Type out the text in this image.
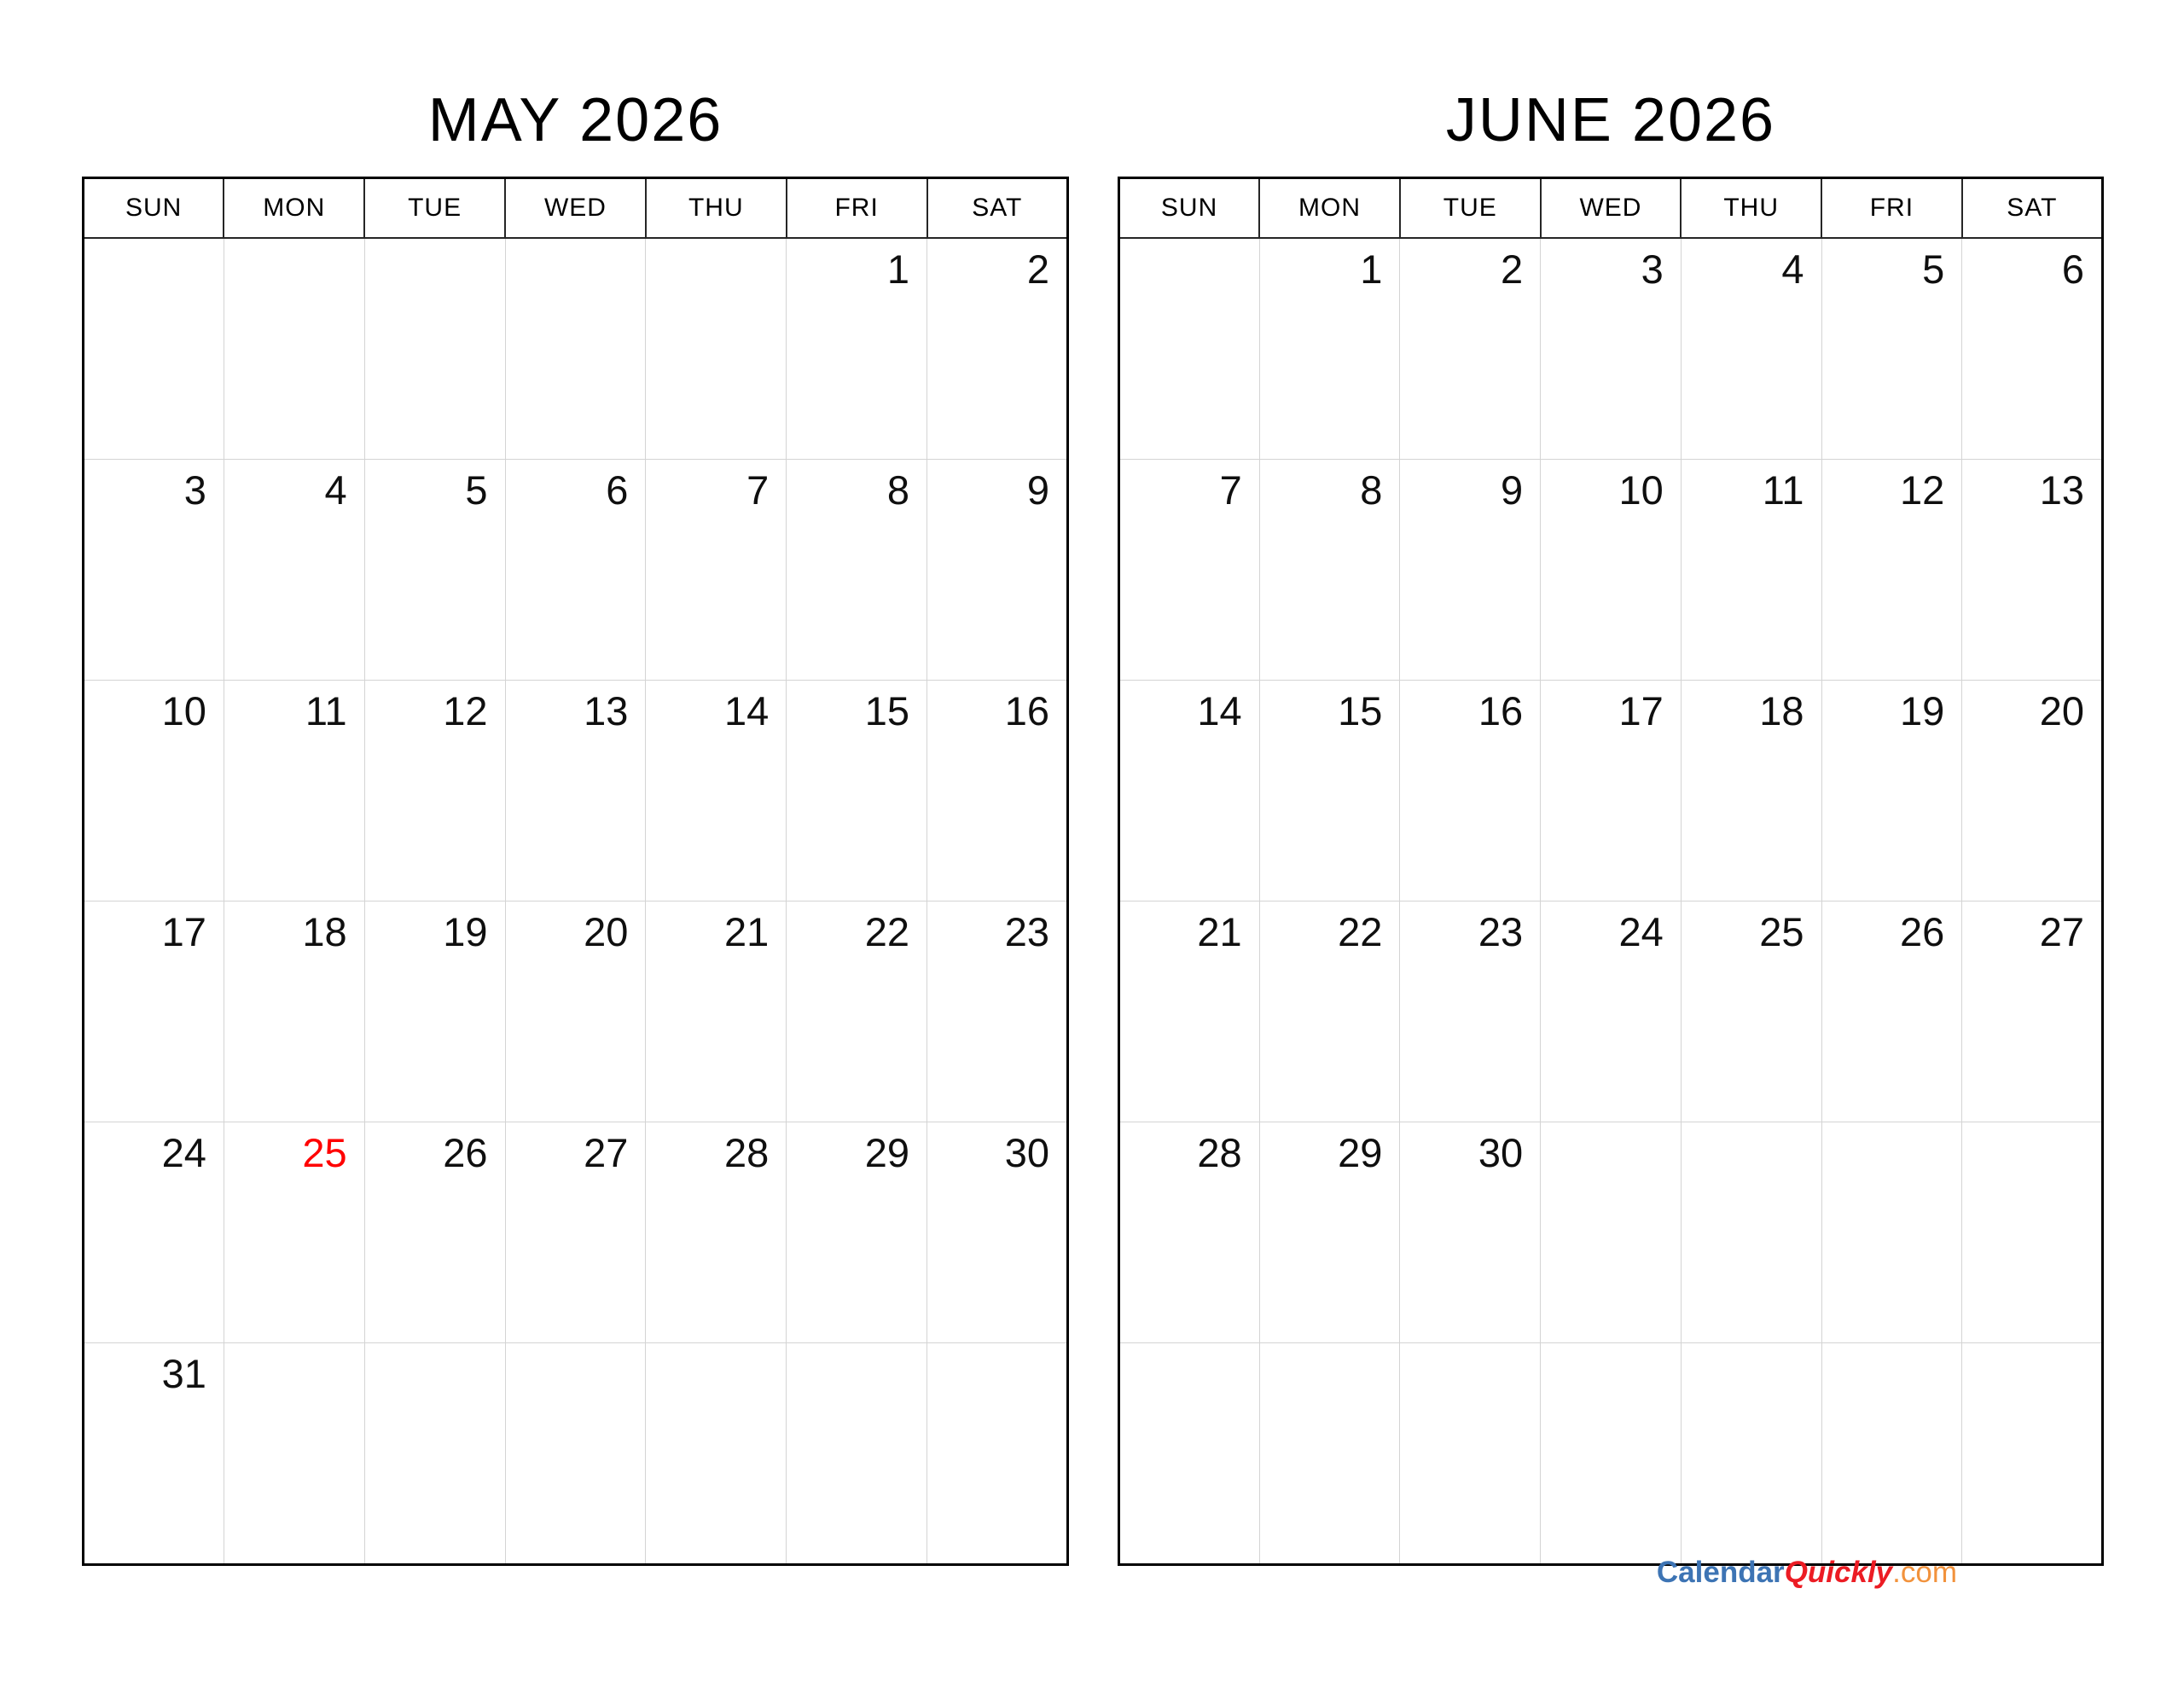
MAY 2026
SUN	MON	TUE	WED	THU	FRI	SAT
					1	2
3	4	5	6	7	8	9
10	11	12	13	14	15	16
17	18	19	20	21	22	23
24	25	26	27	28	29	30
31						
JUNE 2026
SUN	MON	TUE	WED	THU	FRI	SAT
	1	2	3	4	5	6
7	8	9	10	11	12	13
14	15	16	17	18	19	20
21	22	23	24	25	26	27
28	29	30				

CalendarQuickly.com
